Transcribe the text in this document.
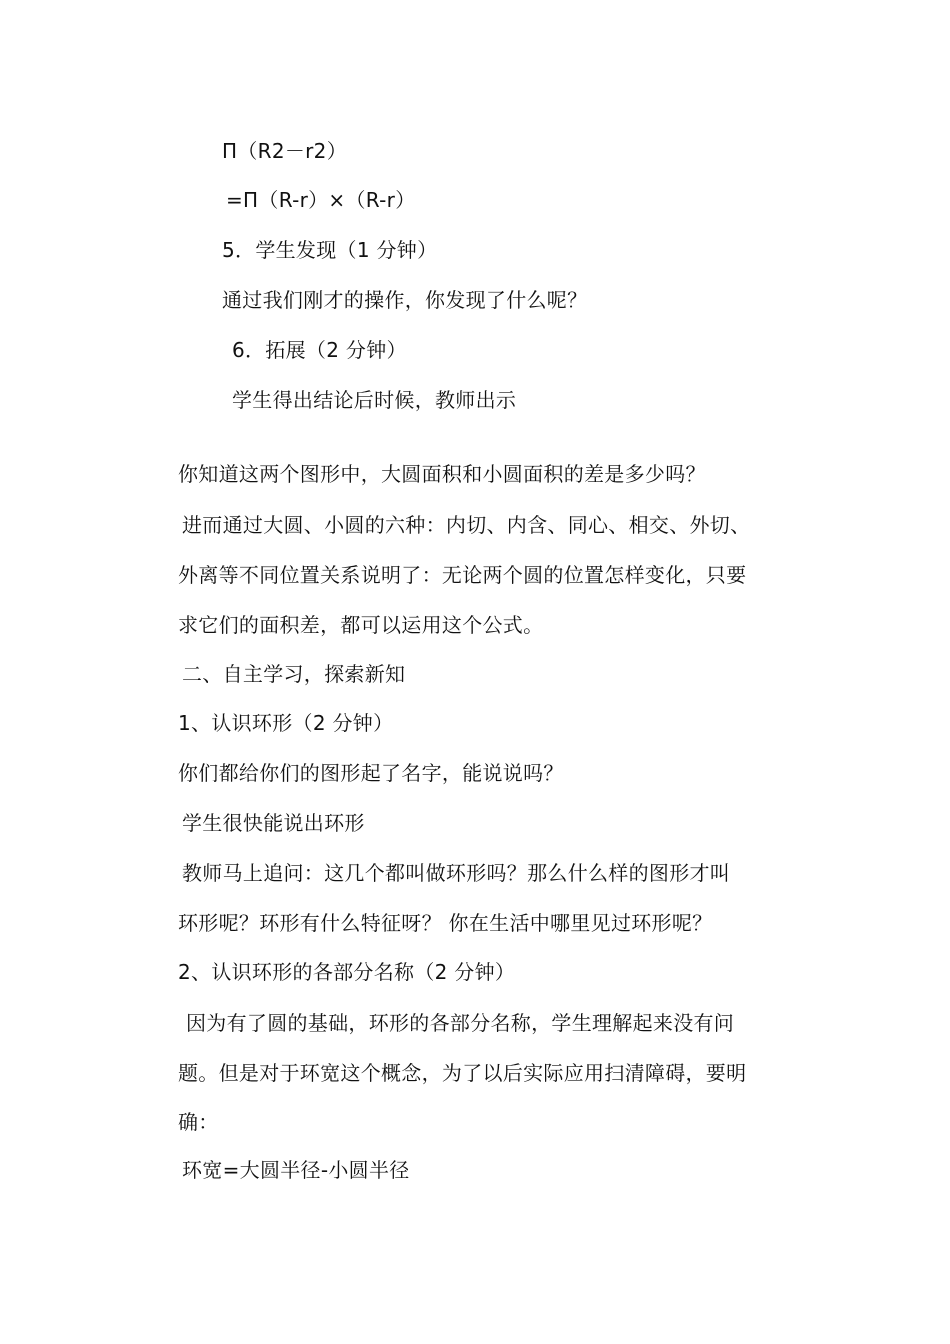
Π（R2－r2）
=Π（R-r）×（R-r）
5．学生发现（1 分钟）
通过我们刚才的操作，你发现了什么呢？
6．拓展（2 分钟）
学生得出结论后时候，教师出示
你知道这两个图形中，大圆面积和小圆面积的差是多少吗？
进而通过大圆、小圆的六种：内切、内含、同心、相交、外切、
外离等不同位置关系说明了：无论两个圆的位置怎样变化，只要
求它们的面积差，都可以运用这个公式。
二、自主学习，探索新知
1、认识环形（2 分钟）
你们都给你们的图形起了名字，能说说吗？
学生很快能说出环形
教师马上追问：这几个都叫做环形吗？那么什么样的图形才叫
环形呢？环形有什么特征呀？ 你在生活中哪里见过环形呢？
2、认识环形的各部分名称（2 分钟）
因为有了圆的基础，环形的各部分名称，学生理解起来没有问
题。但是对于环宽这个概念，为了以后实际应用扫清障碍，要明
确：
环宽=大圆半径-小圆半径
